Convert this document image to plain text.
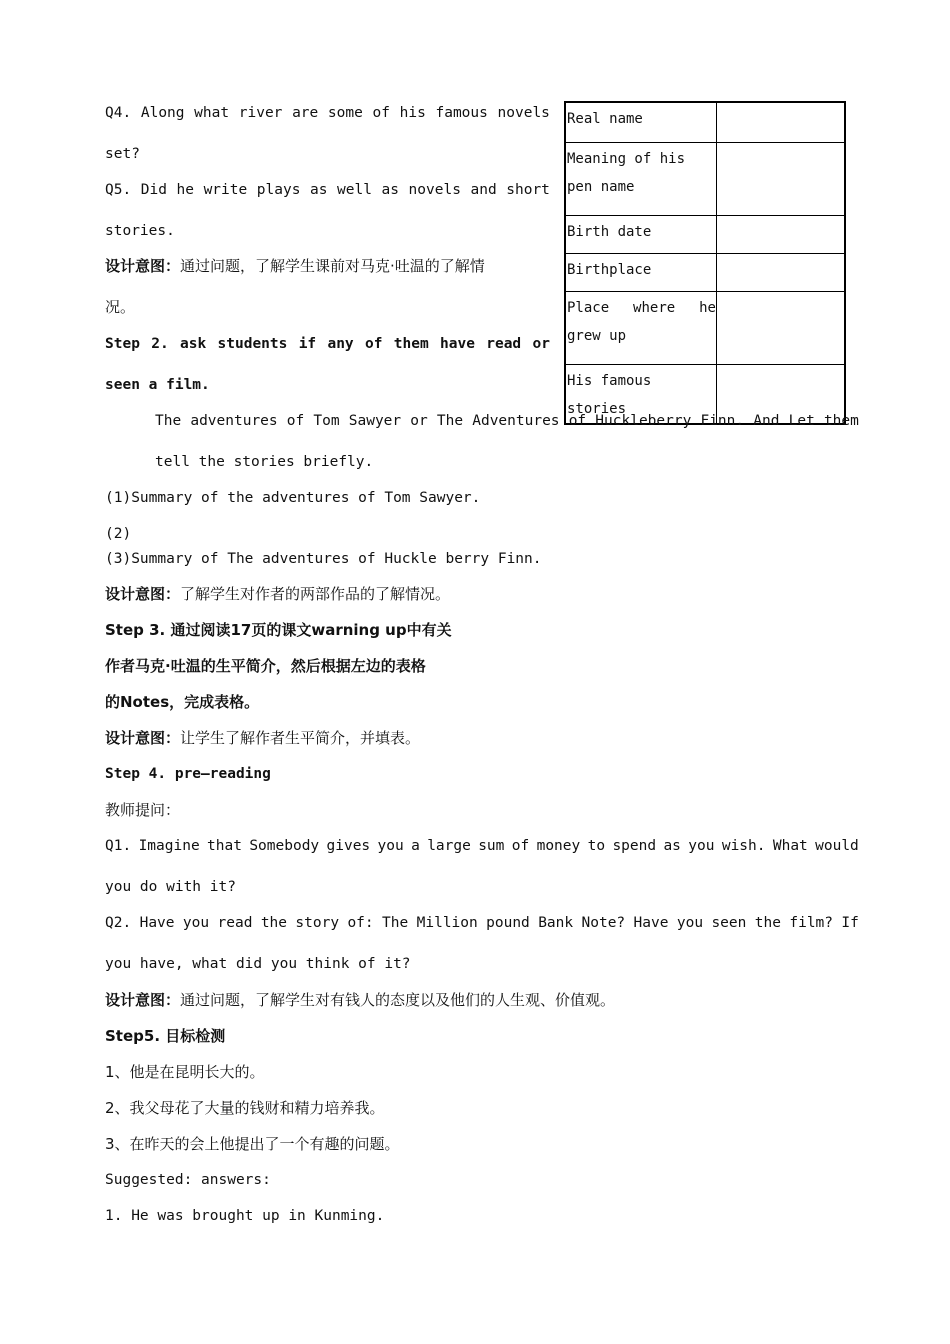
Q4. Along what river are some of his famous novels
set?
Q5. Did he write plays as well as novels and short
stories.
设计意图：通过问题，了解学生课前对马克·吐温的了解情
况。
Step 2. ask students if any of them have read or
seen a film.
Real name	
Meaning of his pen name	
Birth date	
Birthplace	
Place where he grew up	
His famous stories	
The adventures of Tom Sawyer or The Adventures of Huckleberry Finn. And Let them
tell the stories briefly.
(1)Summary of the adventures of Tom Sawyer.
(2)
(3)Summary of The adventures of Huckle berry Finn.
设计意图：了解学生对作者的两部作品的了解情况。
Step 3. 通过阅读17页的课文warning up中有关
作者马克·吐温的生平简介，然后根据左边的表格
的Notes，完成表格。
设计意图：让学生了解作者生平简介，并填表。
Step 4. pre—reading
教师提问：
Q1. Imagine that Somebody gives you a large sum of money to spend as you wish. What would
you do with it?
Q2. Have you read the story of: The Million pound Bank Note? Have you seen the film? If
you have, what did you think of it?
设计意图：通过问题，了解学生对有钱人的态度以及他们的人生观、价值观。
Step5. 目标检测
1、他是在昆明长大的。
2、我父母花了大量的钱财和精力培养我。
3、在昨天的会上他提出了一个有趣的问题。
Suggested: answers:
1. He was brought up in Kunming.
